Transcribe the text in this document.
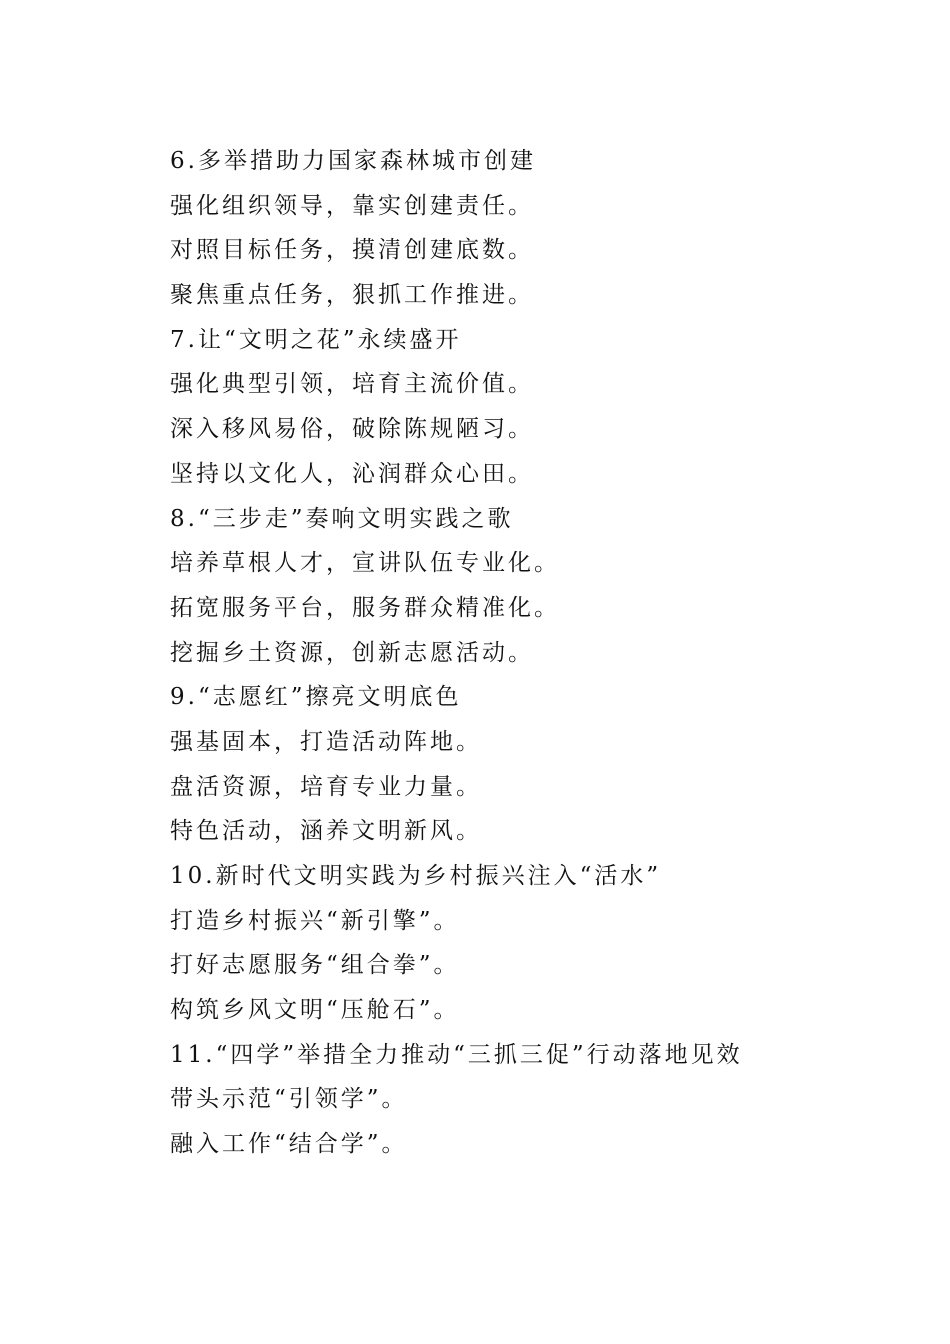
6.多举措助力国家森林城市创建
强化组织领导，靠实创建责任。
对照目标任务，摸清创建底数。
聚焦重点任务，狠抓工作推进。
7.让“文明之花”永续盛开
强化典型引领，培育主流价值。
深入移风易俗，破除陈规陋习。
坚持以文化人，沁润群众心田。
8.“三步走”奏响文明实践之歌
培养草根人才，宣讲队伍专业化。
拓宽服务平台，服务群众精准化。
挖掘乡土资源，创新志愿活动。
9.“志愿红”擦亮文明底色
强基固本，打造活动阵地。
盘活资源，培育专业力量。
特色活动，涵养文明新风。
10.新时代文明实践为乡村振兴注入“活水”
打造乡村振兴“新引擎”。
打好志愿服务“组合拳”。
构筑乡风文明“压舱石”。
11.“四学”举措全力推动“三抓三促”行动落地见效
带头示范“引领学”。
融入工作“结合学”。
